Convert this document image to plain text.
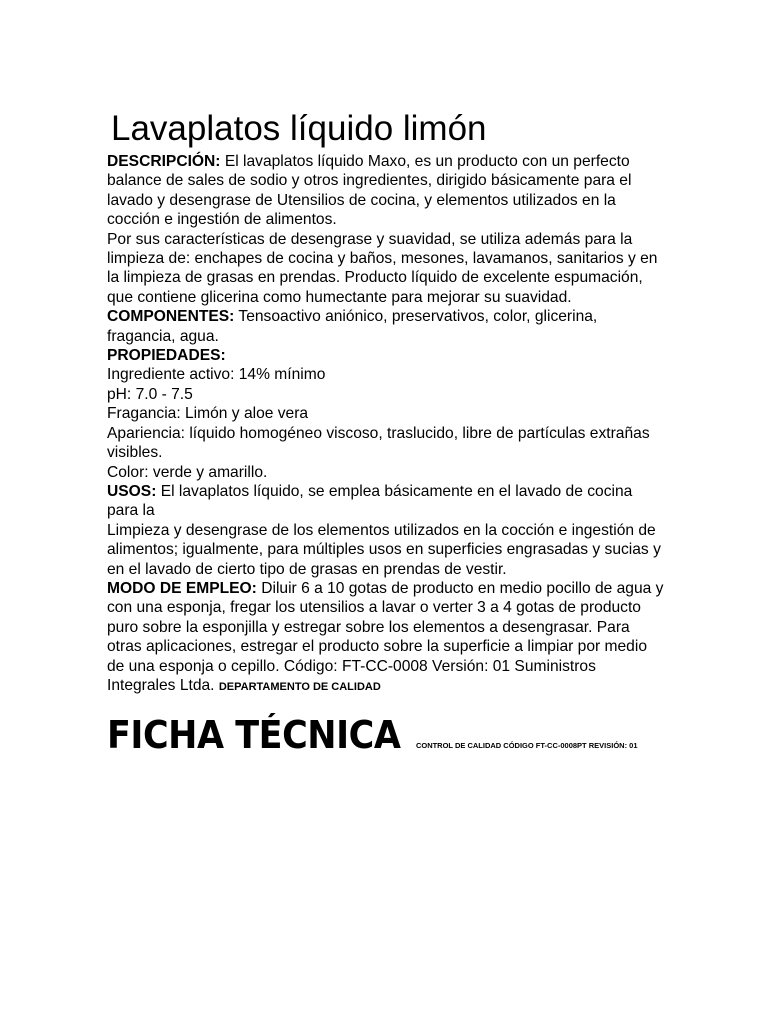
Lavaplatos líquido limón

DESCRIPCIÓN: El lavaplatos líquido Maxo, es un producto con un perfecto balance de sales de sodio y otros ingredientes, dirigido básicamente para el lavado y desengrase de Utensilios de cocina, y elementos utilizados en la cocción e ingestión de alimentos.

Por sus características de desengrase y suavidad, se utiliza además para la limpieza de: enchapes de cocina y baños, mesones, lavamanos, sanitarios y en la limpieza de grasas en prendas. Producto líquido de excelente espumación, que contiene glicerina como humectante para mejorar su suavidad.

COMPONENTES: Tensoactivo aniónico, preservativos, color, glicerina, fragancia, agua.

PROPIEDADES:

Ingrediente activo: 14% mínimo

pH: 7.0 - 7.5

Fragancia: Limón y aloe vera

Apariencia: líquido homogéneo viscoso, traslucido, libre de partículas extrañas visibles.

Color: verde y amarillo.

USOS: El lavaplatos líquido, se emplea básicamente en el lavado de cocina para la

Limpieza y desengrase de los elementos utilizados en la cocción e ingestión de alimentos; igualmente, para múltiples usos en superficies engrasadas y sucias y en el lavado de cierto tipo de grasas en prendas de vestir.

MODO DE EMPLEO: Diluir 6 a 10 gotas de producto en medio pocillo de agua y con una esponja, fregar los utensilios a lavar o verter 3 a 4 gotas de producto puro sobre la esponjilla y estregar sobre los elementos a desengrasar. Para otras aplicaciones, estregar el producto sobre la superficie a limpiar por medio de una esponja o cepillo. Código: FT-CC-0008 Versión: 01 Suministros Integrales Ltda. DEPARTAMENTO DE CALIDAD

FICHA TÉCNICA CONTROL DE CALIDAD CÓDIGO FT-CC-0008PT REVISIÓN: 01
